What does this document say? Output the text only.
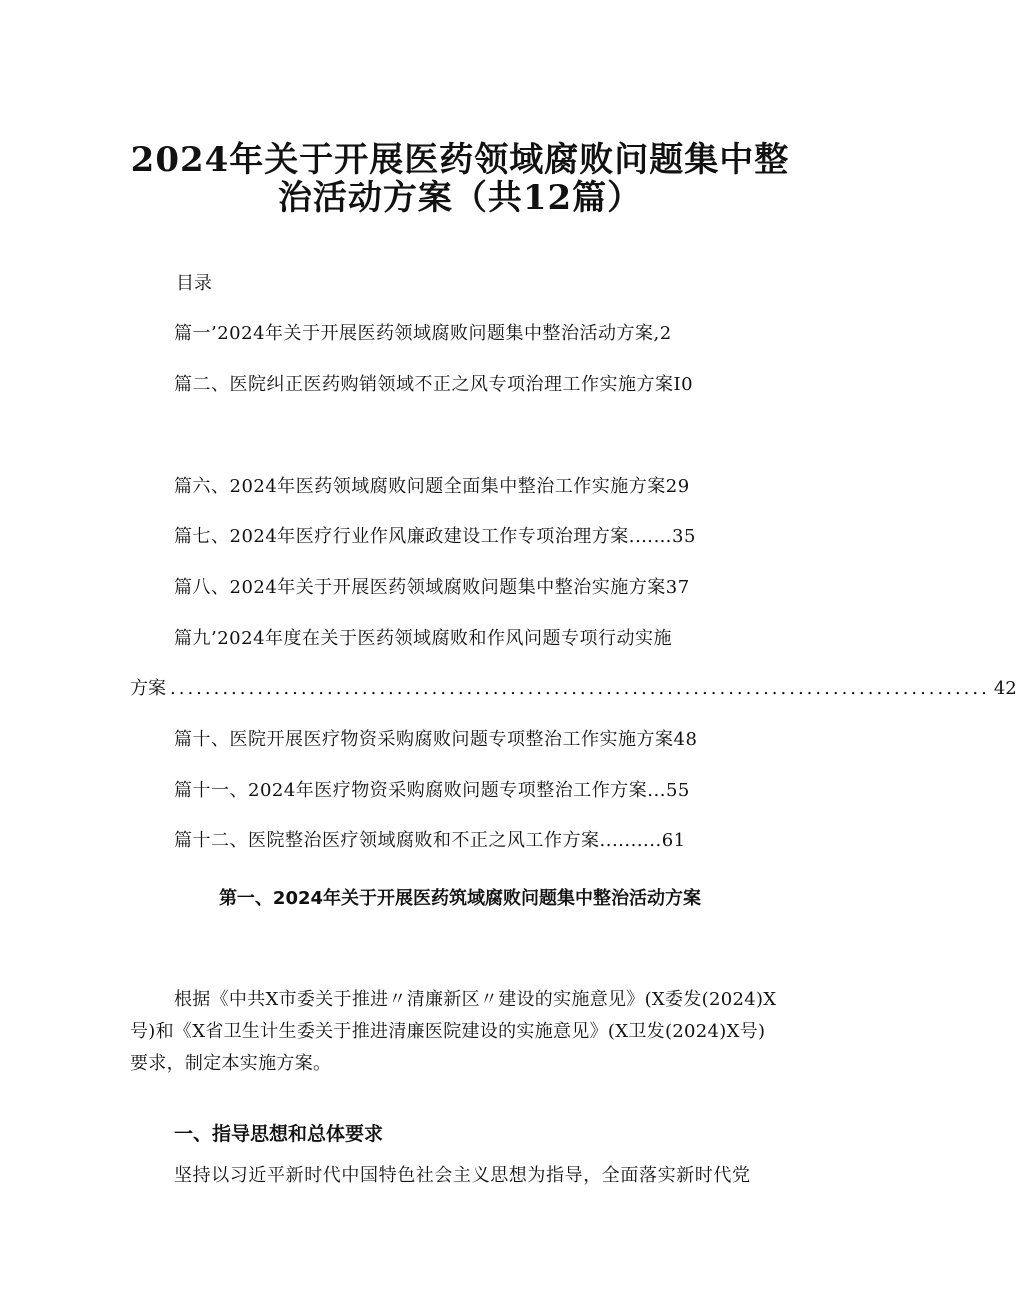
2024年关于开展医药领域腐败问题集中整
治活动方案（共12篇）
目录
篇一’2024年关于开展医药领域腐败问题集中整治活动方案,2
篇二、医院纠正医药购销领域不正之风专项治理工作实施方案I0
篇六、2024年医药领域腐败问题全面集中整治工作实施方案29
篇七、2024年医疗行业作风廉政建设工作专项治理方案.……35
篇八、2024年关于开展医药领域腐败问题集中整治实施方案37
篇九’2024年度在关于医药领域腐败和作风问题专项行动实施
方案 .............................................................................................. 42
篇十、医院开展医疗物资采购腐败问题专项整治工作实施方案48
篇十一、2024年医疗物资采购腐败问题专项整治工作方案...55
篇十二、医院整治医疗领域腐败和不正之风工作方案..........61
第一、2024年关于开展医药筑域腐败问题集中整治活动方案
根据《中共X市委关于推进〃清廉新区〃建设的实施意见》(X委发(2024)X
号)和《X省卫生计生委关于推进清廉医院建设的实施意见》(X卫发(2024)X号)
要求，制定本实施方案。
一、指导思想和总体要求
坚持以习近平新时代中国特色社会主义思想为指导，全面落实新时代党
